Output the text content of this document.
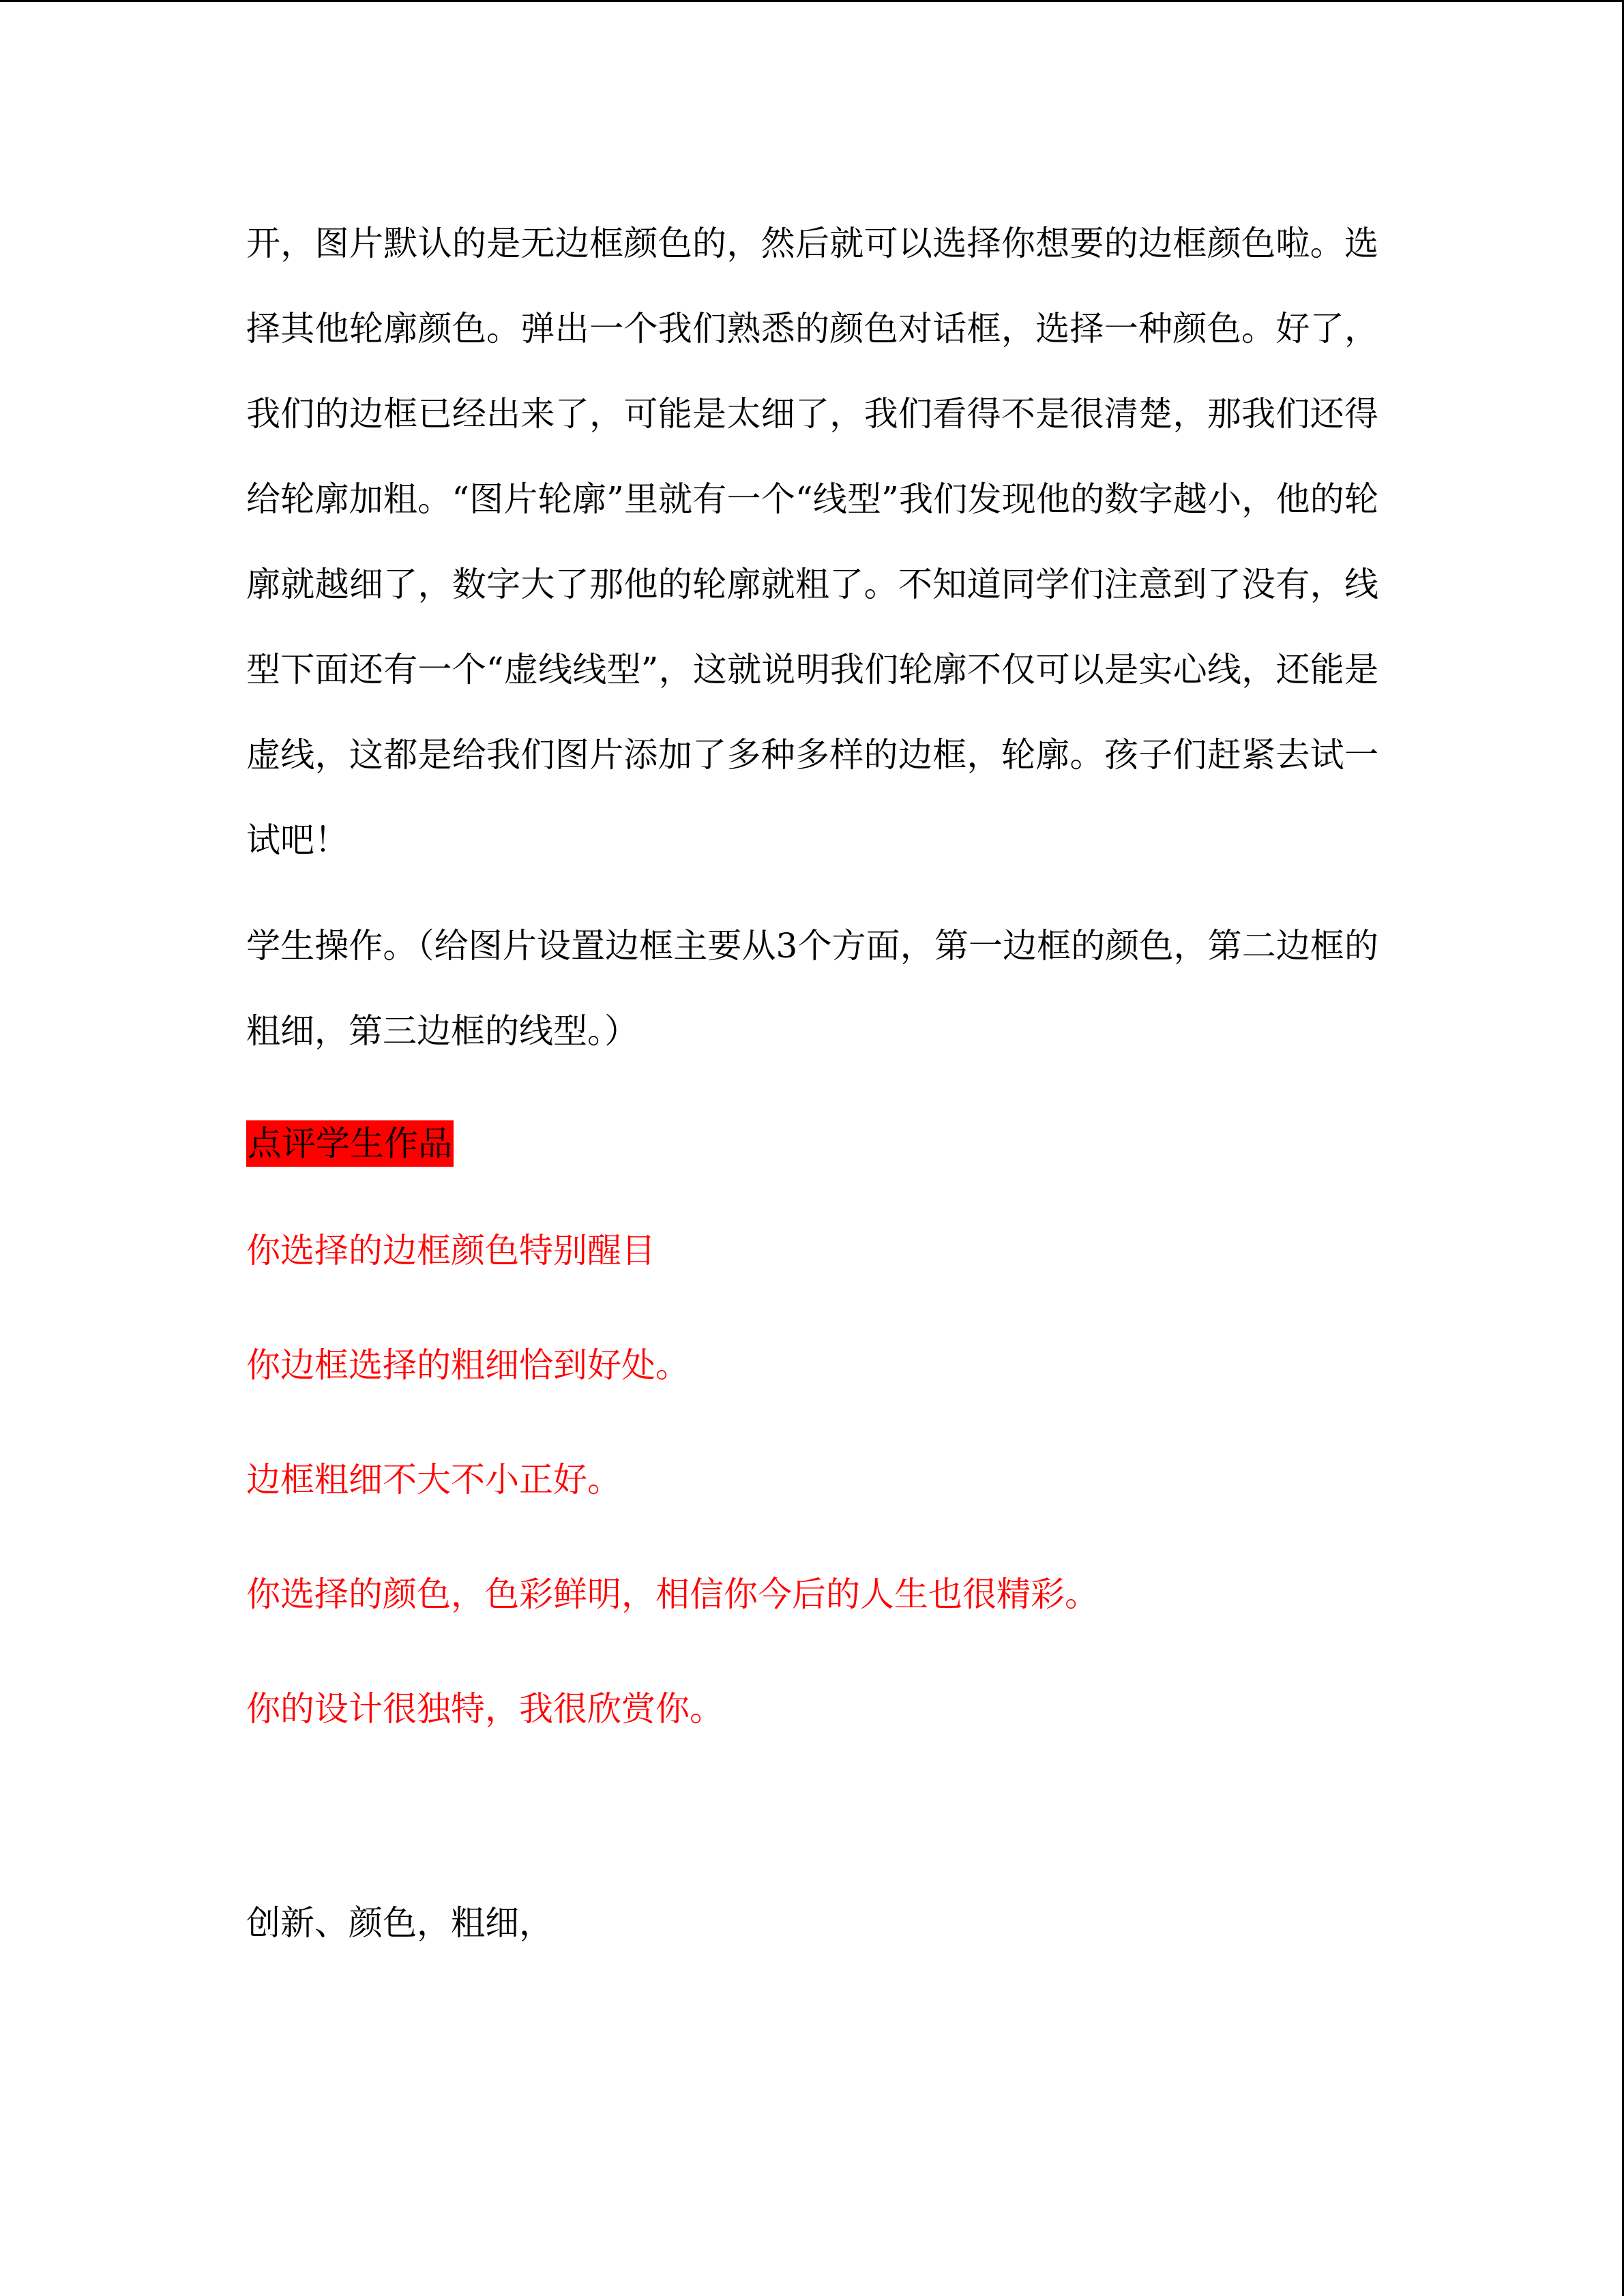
开，图片默认的是无边框颜色的，然后就可以选择你想要的边框颜色啦。选择其他轮廓颜色。弹出一个我们熟悉的颜色对话框，选择一种颜色。好了，我们的边框已经出来了，可能是太细了，我们看得不是很清楚，那我们还得给轮廓加粗。“图片轮廓”里就有一个“线型”我们发现他的数字越小，他的轮廓就越细了，数字大了那他的轮廓就粗了。不知道同学们注意到了没有，线型下面还有一个“虚线线型”，这就说明我们轮廓不仅可以是实心线，还能是虚线，这都是给我们图片添加了多种多样的边框，轮廓。孩子们赶紧去试一试吧！

学生操作。（给图片设置边框主要从3个方面，第一边框的颜色，第二边框的粗细，第三边框的线型。）

点评学生作品

你选择的边框颜色特别醒目

你边框选择的粗细恰到好处。

边框粗细不大不小正好。

你选择的颜色，色彩鲜明，相信你今后的人生也很精彩。

你的设计很独特，我很欣赏你。

创新、颜色，粗细，
